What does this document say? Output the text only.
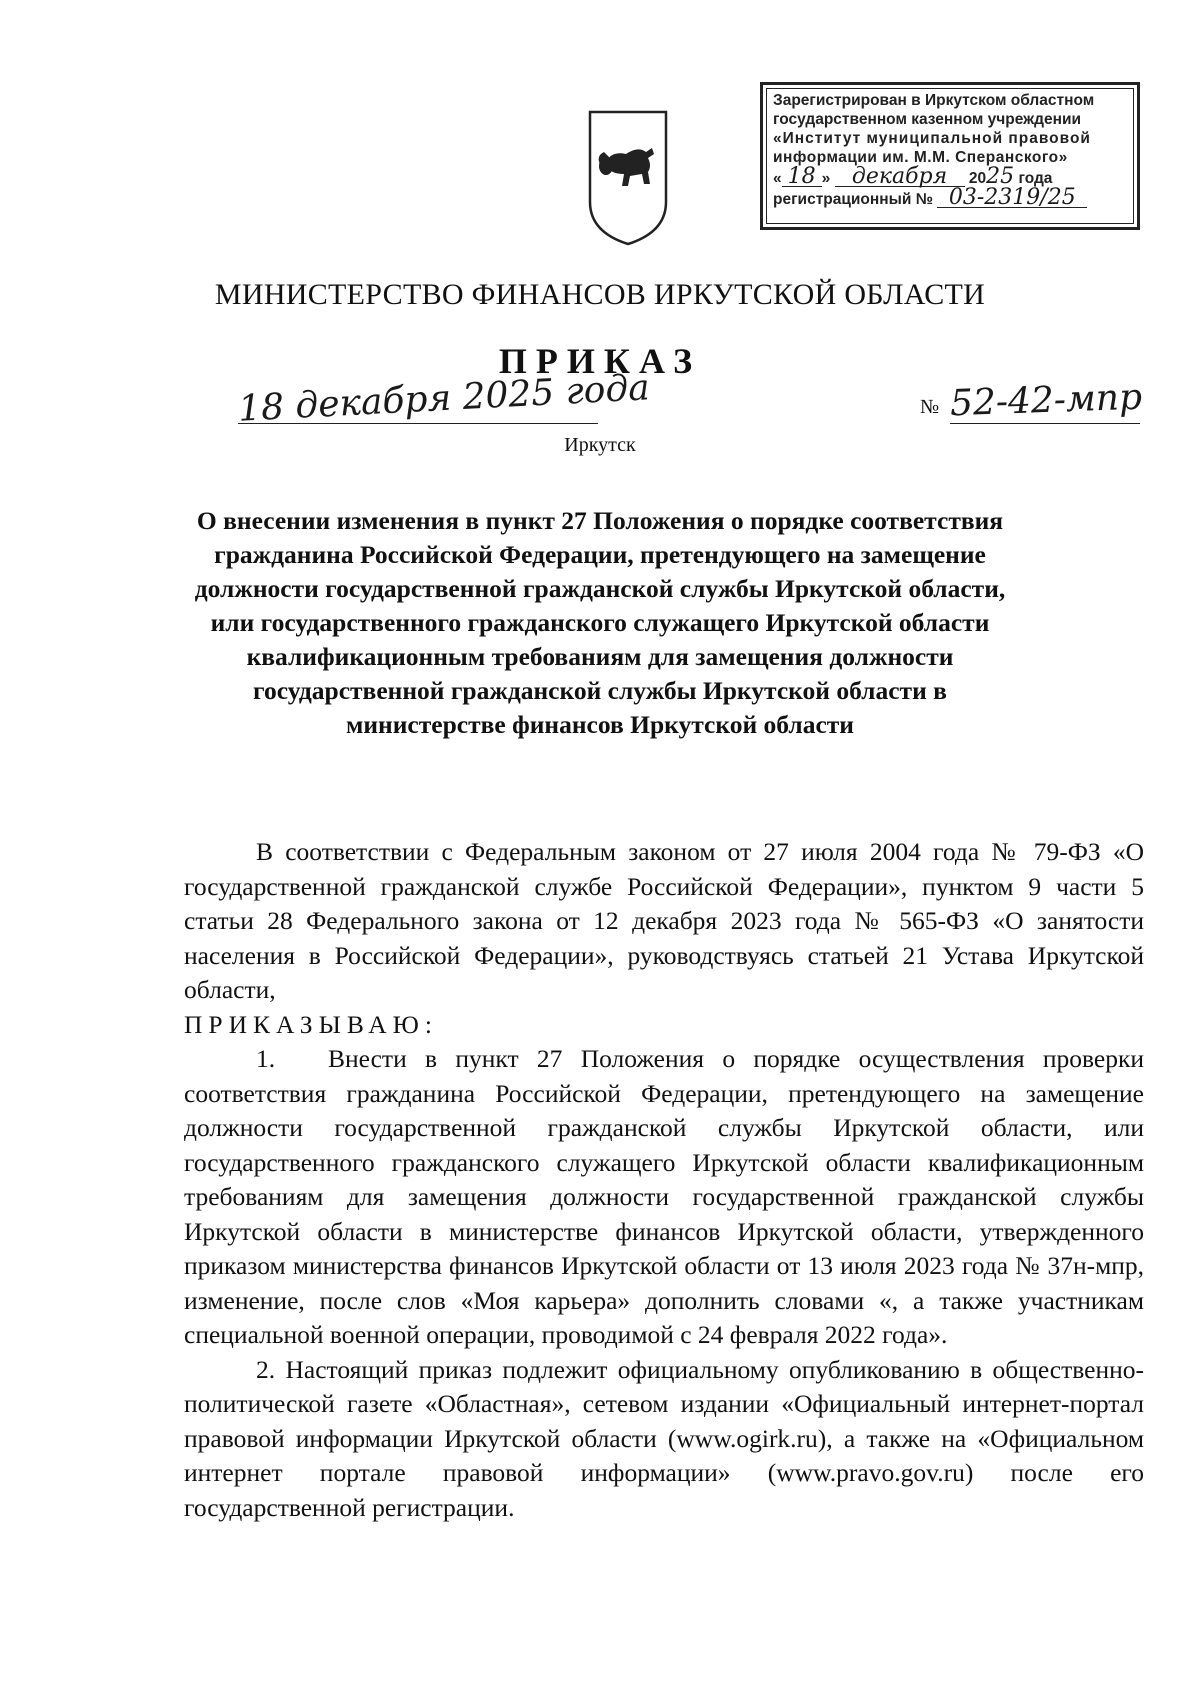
Зарегистрирован в Иркутском областном
государственном казенном учреждении
«Институт муниципальной правовой
информации им. М.М. Сперанского»
« 18 » декабря 2025 года
регистрационный № 03-2319/25
МИНИСТЕРСТВО ФИНАНСОВ ИРКУТСКОЙ ОБЛАСТИ
ПРИКАЗ
18 декабря 2025 года	№ 52-42-мпр
Иркутск
О внесении изменения в пункт 27 Положения о порядке соответствия
гражданина Российской Федерации, претендующего на замещение
должности государственной гражданской службы Иркутской области,
или государственного гражданского служащего Иркутской области
квалификационным требованиям для замещения должности
государственной гражданской службы Иркутской области в
министерстве финансов Иркутской области

В соответствии с Федеральным законом от 27 июля 2004 года № 79-ФЗ «О государственной гражданской службе Российской Федерации», пунктом 9 части 5 статьи 28 Федерального закона от 12 декабря 2023 года № 565-ФЗ «О занятости населения в Российской Федерации», руководствуясь статьей 21 Устава Иркутской области,

ПРИКАЗЫВАЮ:

1. Внести в пункт 27 Положения о порядке осуществления проверки соответствия гражданина Российской Федерации, претендующего на замещение должности государственной гражданской службы Иркутской области, или государственного гражданского служащего Иркутской области квалификационным требованиям для замещения должности государственной гражданской службы Иркутской области в министерстве финансов Иркутской области, утвержденного приказом министерства финансов Иркутской области от 13 июля 2023 года № 37н-мпр, изменение, после слов «Моя карьера» дополнить словами «, а также участникам специальной военной операции, проводимой с 24 февраля 2022 года».

2. Настоящий приказ подлежит официальному опубликованию в общественно-политической газете «Областная», сетевом издании «Официальный интернет-портал правовой информации Иркутской области (www.ogirk.ru), а также на «Официальном интернет портале правовой информации» (www.pravo.gov.ru) после его государственной регистрации.
